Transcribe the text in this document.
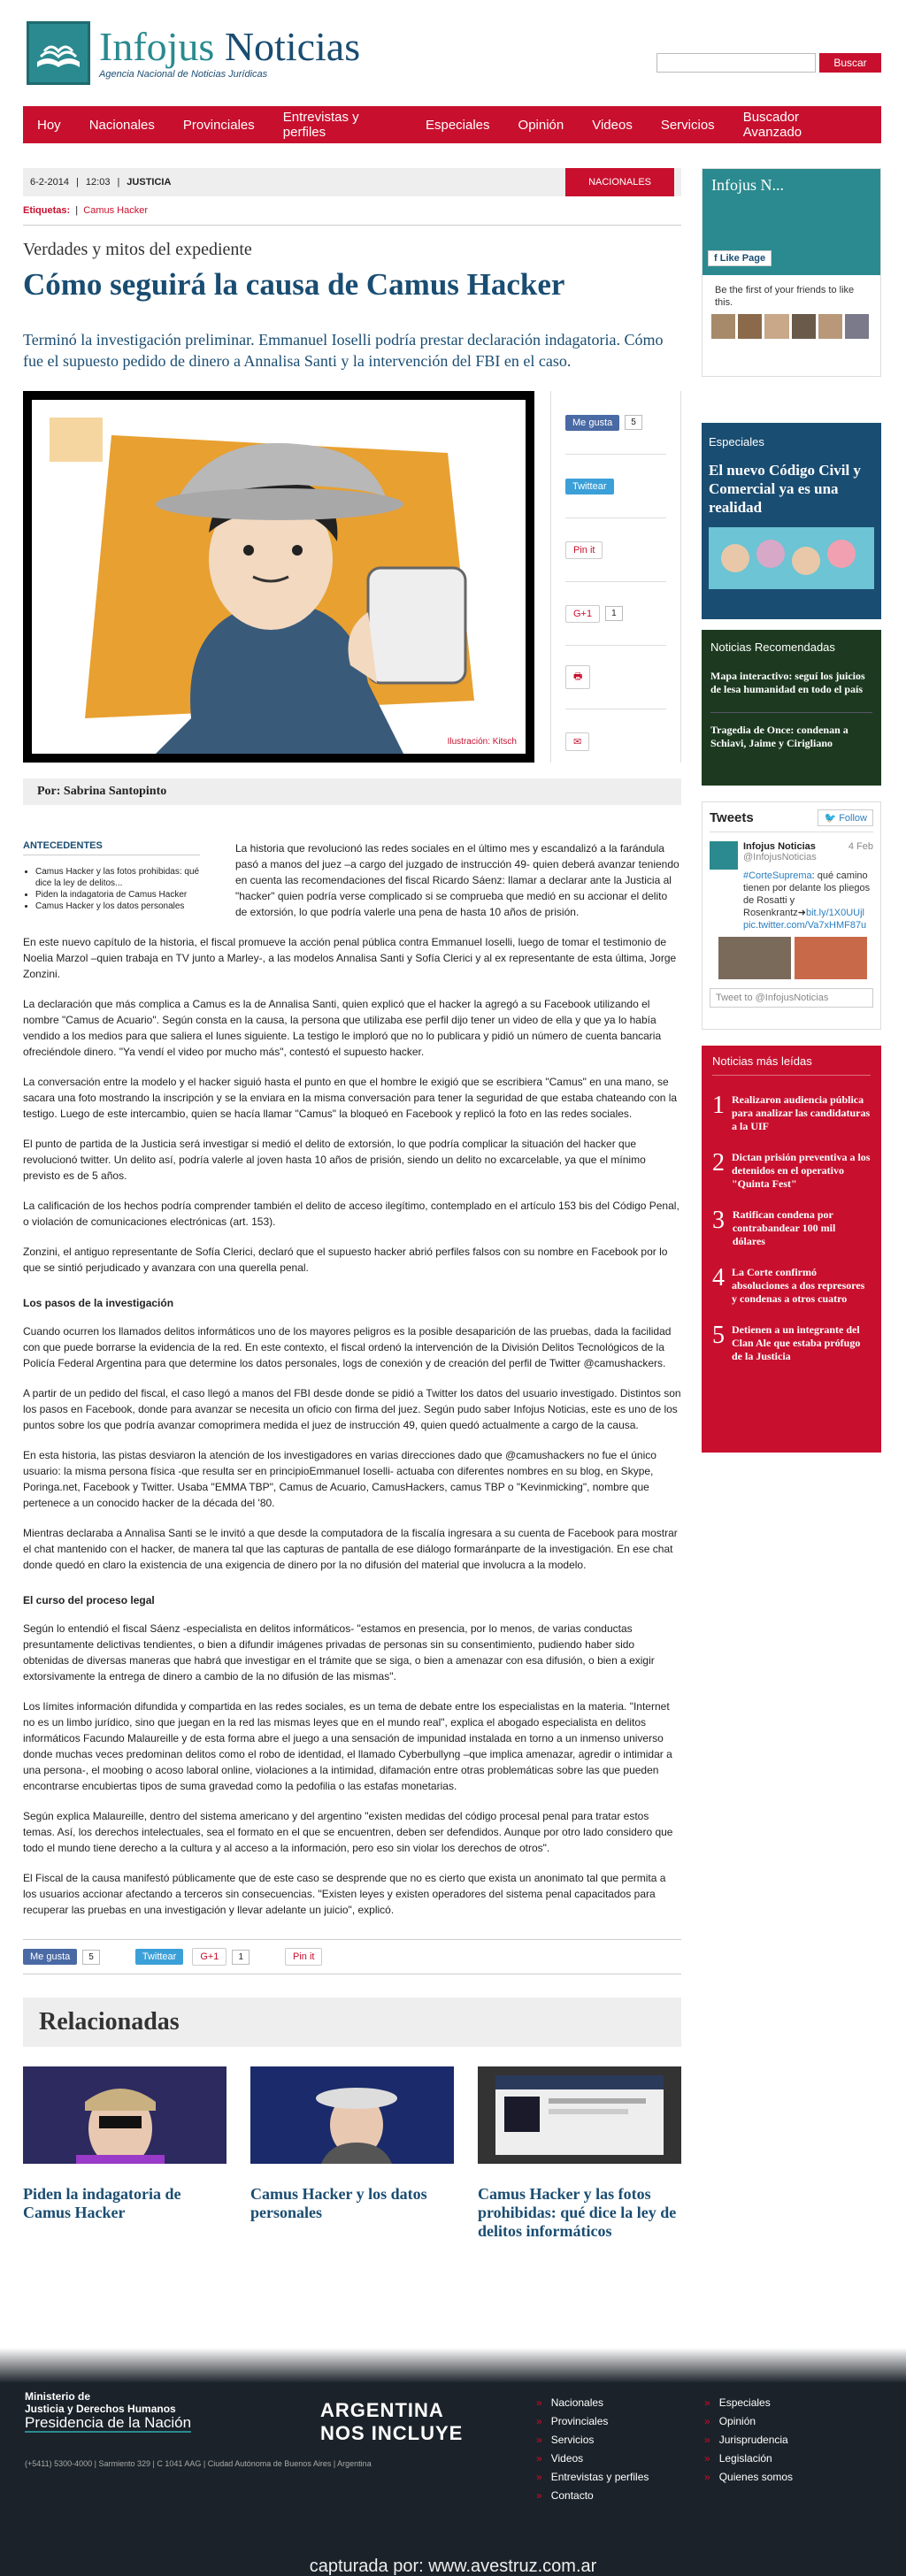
Infojus Noticias
Agencia Nacional de Noticias Jurídicas
Buscar
Hoy Nacionales Provinciales Entrevistas y perfiles	Especiales Opinión Videos Servicios Buscador Avanzado
6-2-2014 | 12:03 | JUSTICIA	NACIONALES
Etiquetas:  |  Camus Hacker
Verdades y mitos del expediente
Cómo seguirá la causa de Camus Hacker
Terminó la investigación preliminar. Emmanuel Ioselli podría prestar declaración indagatoria. Cómo fue el supuesto pedido de dinero a Annalisa Santi y la intervención del FBI en el caso.
Ilustración: Kitsch
Me gusta	5
Twittear
Pin it
G+1	1
🖶
✉
Por: Sabrina Santopinto
ANTECEDENTES
• Camus Hacker y las fotos prohibidas: qué dice la ley de delitos...
• Piden la indagatoria de Camus Hacker
• Camus Hacker y los datos personales
La historia que revolucionó las redes sociales en el último mes y escandalizó a la farándula pasó a manos del juez –a cargo del juzgado de instrucción 49- quien deberá avanzar teniendo en cuenta las recomendaciones del fiscal Ricardo Sáenz: llamar a declarar ante la Justicia al "hacker" quien podría verse complicado si se comprueba que medió en su accionar el delito de extorsión, lo que podría valerle una pena de hasta 10 años de prisión.

En este nuevo capítulo de la historia, el fiscal promueve la acción penal pública contra Emmanuel Ioselli, luego de tomar el testimonio de Noelia Marzol –quien trabaja en TV junto a Marley-, a las modelos Annalisa Santi y Sofía Clerici y al ex representante de esta última, Jorge Zonzini.

La declaración que más complica a Camus es la de Annalisa Santi, quien explicó que el hacker la agregó a su Facebook utilizando el nombre "Camus de Acuario". Según consta en la causa, la persona que utilizaba ese perfil dijo tener un video de ella y que ya lo había vendido a los medios para que saliera el lunes siguiente. La testigo le imploró que no lo publicara y pidió un número de cuenta bancaria ofreciéndole dinero. "Ya vendí el video por mucho más", contestó el supuesto hacker.

La conversación entre la modelo y el hacker siguió hasta el punto en que el hombre le exigió que se escribiera "Camus" en una mano, se sacara una foto mostrando la inscripción y se la enviara en la misma conversación para tener la seguridad de que estaba chateando con la testigo. Luego de este intercambio, quien se hacía llamar "Camus" la bloqueó en Facebook y replicó la foto en las redes sociales.

El punto de partida de la Justicia será investigar si medió el delito de extorsión, lo que podría complicar la situación del hacker que revolucionó twitter. Un delito así, podría valerle al joven hasta 10 años de prisión, siendo un delito no excarcelable, ya que el mínimo previsto es de 5 años.

La calificación de los hechos podría comprender también el delito de acceso ilegítimo, contemplado en el artículo 153 bis del Código Penal, o violación de comunicaciones electrónicas (art. 153).

Zonzini, el antiguo representante de Sofía Clerici, declaró que el supuesto hacker abrió perfiles falsos con su nombre en Facebook por lo que se sintió perjudicado y avanzara con una querella penal.

Los pasos de la investigación

Cuando ocurren los llamados delitos informáticos uno de los mayores peligros es la posible desaparición de las pruebas, dada la facilidad con que puede borrarse la evidencia de la red. En este contexto, el fiscal ordenó la intervención de la División Delitos Tecnológicos de la Policía Federal Argentina para que determine los datos personales, logs de conexión y de creación del perfil de Twitter @camushackers.

A partir de un pedido del fiscal, el caso llegó a manos del FBI desde donde se pidió a Twitter los datos del usuario investigado. Distintos son los pasos en Facebook, donde para avanzar se necesita un oficio con firma del juez. Según pudo saber Infojus Noticias, este es uno de los puntos sobre los que podría avanzar comoprimera medida el juez de instrucción 49, quien quedó actualmente a cargo de la causa.

En esta historia, las pistas desviaron la atención de los investigadores en varias direcciones dado que @camushackers no fue el único usuario: la misma persona física -que resulta ser en principioEmmanuel Ioselli- actuaba con diferentes nombres en su blog, en Skype, Poringa.net, Facebook y Twitter. Usaba "EMMA TBP", Camus de Acuario, CamusHackers, camus TBP o "Kevinmicking", nombre que pertenece a un conocido hacker de la década del '80.

Mientras declaraba a Annalisa Santi se le invitó a que desde la computadora de la fiscalía ingresara a su cuenta de Facebook para mostrar el chat mantenido con el hacker, de manera tal que las capturas de pantalla de ese diálogo formaránparte de la investigación. En ese chat donde quedó en claro la existencia de una exigencia de dinero por la no difusión del material que involucra a la modelo.

El curso del proceso legal

Según lo entendió el fiscal Sáenz -especialista en delitos informáticos- "estamos en presencia, por lo menos, de varias conductas presuntamente delictivas tendientes, o bien a difundir imágenes privadas de personas sin su consentimiento, pudiendo haber sido obtenidas de diversas maneras que habrá que investigar en el trámite que se siga, o bien a amenazar con esa difusión, o bien a exigir extorsivamente la entrega de dinero a cambio de la no difusión de las mismas".

Los límites información difundida y compartida en las redes sociales, es un tema de debate entre los especialistas en la materia. "Internet no es un limbo jurídico, sino que juegan en la red las mismas leyes que en el mundo real", explica el abogado especialista en delitos informáticos Facundo Malaureille y de esta forma abre el juego a una sensación de impunidad instalada en torno a un inmenso universo donde muchas veces predominan delitos como el robo de identidad, el llamado Cyberbullyng –que implica amenazar, agredir o intimidar a una persona-, el moobing o acoso laboral online, violaciones a la intimidad, difamación entre otras problemáticas sobre las que pueden encontrarse encubiertas tipos de suma gravedad como la pedofilia o las estafas monetarias.

Según explica Malaureille, dentro del sistema americano y del argentino "existen medidas del código procesal penal para tratar estos temas. Así, los derechos intelectuales, sea el formato en el que se encuentren, deben ser defendidos. Aunque por otro lado considero que todo el mundo tiene derecho a la cultura y al acceso a la información, pero eso sin violar los derechos de otros".

El Fiscal de la causa manifestó públicamente que de este caso se desprende que no es cierto que exista un anonimato tal que permita a los usuarios accionar afectando a terceros sin consecuencias. "Existen leyes y existen operadores del sistema penal capacitados para recuperar las pruebas en una investigación y llevar adelante un juicio", explicó.

Me gusta	5	Twittear	G+1	1	Pin it
Relacionadas
Piden la indagatoria de Camus Hacker
Camus Hacker y los datos personales
Camus Hacker y las fotos prohibidas: qué dice la ley de delitos informáticos
Infojus N...
f Like Page
Be the first of your friends to like this.
Especiales
El nuevo Código Civil y Comercial ya es una realidad
Noticias Recomendadas
Mapa interactivo: seguí los juicios de lesa humanidad en todo el país
Tragedia de Once: condenan a Schiavi, Jaime y Cirigliano
Tweets	🐦 Follow
Infojus Noticias
@InfojusNoticias
4 Feb
#CorteSuprema: qué camino tienen por delante los pliegos de Rosatti y Rosenkrantz➜bit.ly/1X0UUjl pic.twitter.com/Va7xHMF87u
Tweet to @InfojusNoticias
Noticias más leídas
1 Realizaron audiencia pública para analizar las candidaturas a la UIF
2 Dictan prisión preventiva a los detenidos en el operativo "Quinta Fest"
3 Ratifican condena por contrabandear 100 mil dólares
4 La Corte confirmó absoluciones a dos represores y condenas a otros cuatro
5 Detienen a un integrante del Clan Ale que estaba prófugo de la Justicia
Ministerio de
Justicia y Derechos Humanos
Presidencia de la Nación
ARGENTINA
NOS INCLUYE
(+5411) 5300-4000 | Sarmiento 329 | C 1041 AAG | Ciudad Autónoma de Buenos Aires | Argentina
» Nacionales
» Provinciales
» Servicios
» Videos
» Entrevistas y perfiles
» Contacto
» Especiales
» Opinión
» Jurisprudencia
» Legislación
» Quienes somos
capturada por: www.avestruz.com.ar
